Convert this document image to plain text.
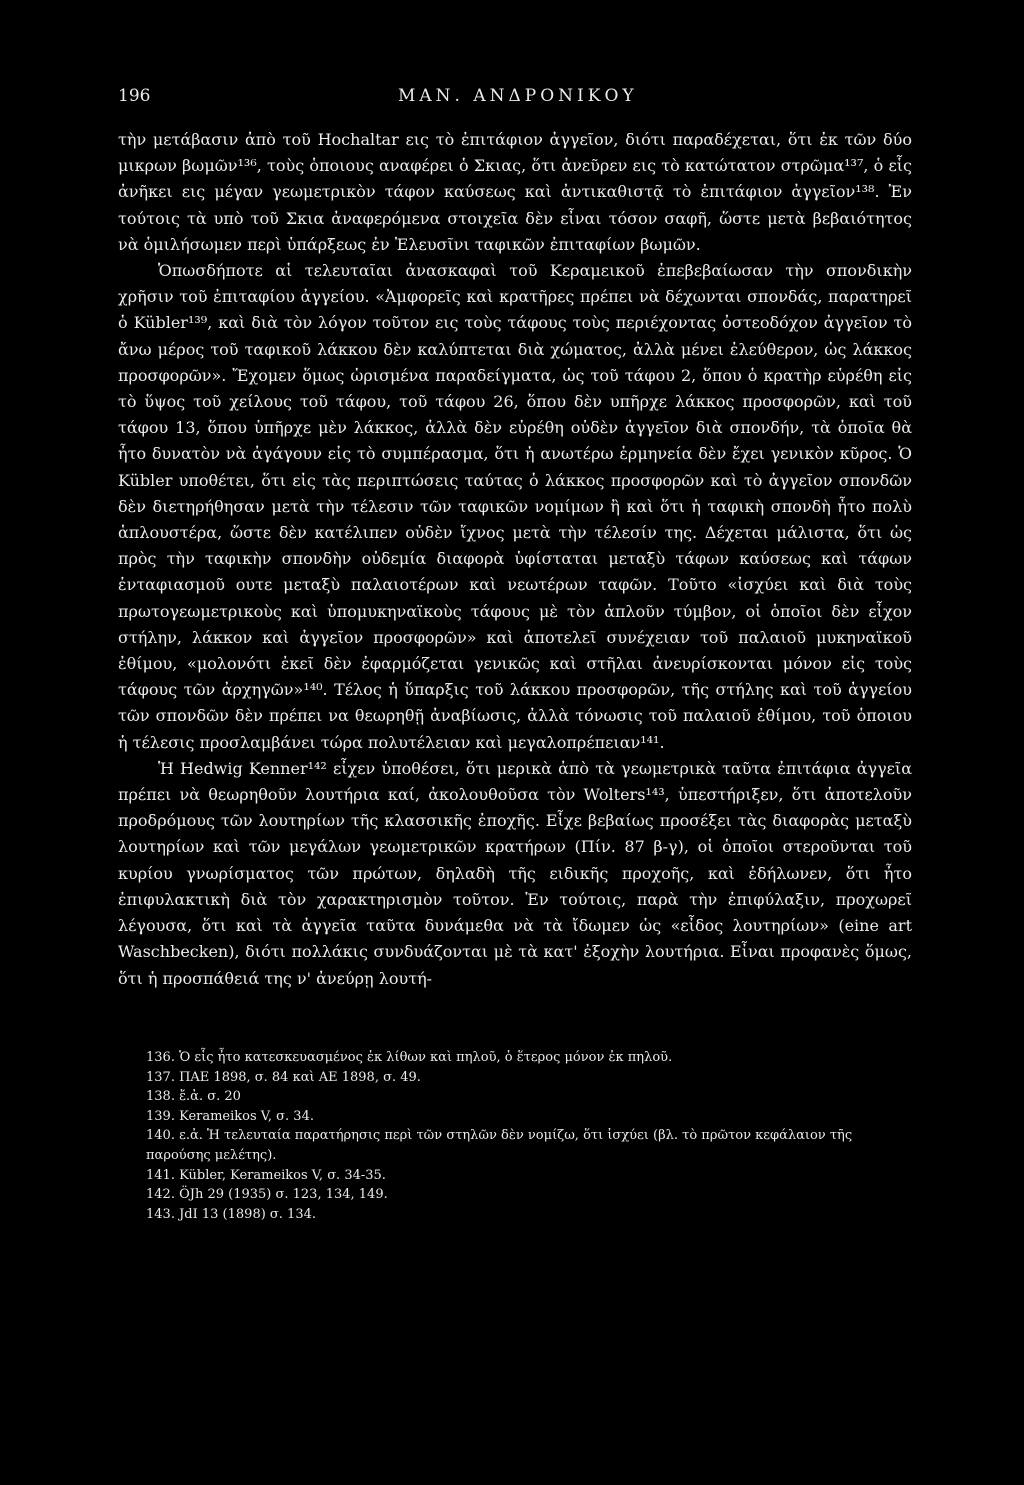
196	ΜΑΝ. ΑΝΔΡΟΝΙΚΟΥ

τὴν μετάβασιν ἀπὸ τοῦ Hochaltar εις τὸ ἐπιτάφιον ἀγγεῖον, διότι παραδέχεται, ὅτι ἐκ τῶν δύο μικρων βωμῶν¹³⁶, τοὺς ὁποιους αναφέρει ὁ Σκιας, ὅτι ἀνεῦρεν εις τὸ κατώτατον στρῶμα¹³⁷, ὁ εἷς ἀνῆκει εις μέγαν γεωμετρικὸν τάφον καύσεως καὶ ἀντικαθιστᾷ τὸ ἐπιτάφιον ἀγγεῖον¹³⁸. Ἐν τούτοις τὰ υπὸ τοῦ Σκια ἀναφερόμενα στοιχεῖα δὲν εἶναι τόσον σαφῆ, ὥστε μετὰ βεβαιότητος νὰ ὁμιλήσωμεν περὶ ὑπάρξεως ἐν Ἐλευσῖνι ταφικῶν ἐπιταφίων βωμῶν.

Ὁπωσδήποτε αἱ τελευταῖαι ἀνασκαφαὶ τοῦ Κεραμεικοῦ ἐπεβεβαίωσαν τὴν σπονδικὴν χρῆσιν τοῦ ἐπιταφίου ἀγγείου. «Ἀμφορεῖς καὶ κρατῆρες πρέπει νὰ δέχωνται σπονδάς, παρατηρεῖ ὁ Kübler¹³⁹, καὶ διὰ τὸν λόγον τοῦτον εις τοὺς τάφους τοὺς περιέχοντας ὀστεοδόχον ἀγγεῖον τὸ ἄνω μέρος τοῦ ταφικοῦ λάκκου δὲν καλύπτεται διὰ χώματος, ἀλλὰ μένει ἐλεύθερον, ὡς λάκκος προσφορῶν». Ἔχομεν ὅμως ὡρισμένα παραδείγματα, ὡς τοῦ τάφου 2, ὅπου ὁ κρατὴρ εὑρέθη εἰς τὸ ὕψος τοῦ χείλους τοῦ τάφου, τοῦ τάφου 26, ὅπου δὲν υπῆρχε λάκκος προσφορῶν, καὶ τοῦ τάφου 13, ὅπου ὑπῆρχε μὲν λάκκος, ἀλλὰ δὲν εὑρέθη οὐδὲν ἀγγεῖον διὰ σπονδήν, τὰ ὁποῖα θὰ ἦτο δυνατὸν νὰ ἀγάγουν εἰς τὸ συμπέρασμα, ὅτι ἡ ανωτέρω ἑρμηνεία δὲν ἔχει γενικὸν κῦρος. Ὁ Kübler υποθέτει, ὅτι εἰς τὰς περιπτώσεις ταύτας ὁ λάκκος προσφορῶν καὶ τὸ ἀγγεῖον σπονδῶν δὲν διετηρήθησαν μετὰ τὴν τέλεσιν τῶν ταφικῶν νομίμων ἢ καὶ ὅτι ἡ ταφικὴ σπονδὴ ἦτο πολὺ ἁπλουστέρα, ὥστε δὲν κατέλιπεν οὐδὲν ἴχνος μετὰ τὴν τέλεσίν της. Δέχεται μάλιστα, ὅτι ὡς πρὸς τὴν ταφικὴν σπονδὴν οὐδεμία διαφορὰ ὑφίσταται μεταξὺ τάφων καύσεως καὶ τάφων ἐνταφιασμοῦ ουτε μεταξὺ παλαιοτέρων καὶ νεωτέρων ταφῶν. Τοῦτο «ἰσχύει καὶ διὰ τοὺς πρωτογεωμετρικοὺς καὶ ὑπομυκηναϊκοὺς τάφους μὲ τὸν ἁπλοῦν τύμβον, οἱ ὁποῖοι δὲν εἶχον στήλην, λάκκον καὶ ἀγγεῖον προσφορῶν» καὶ ἀποτελεῖ συνέχειαν τοῦ παλαιοῦ μυκηναϊκοῦ ἐθίμου, «μολονότι ἐκεῖ δὲν ἐφαρμόζεται γενικῶς καὶ στῆλαι ἀνευρίσκονται μόνον εἰς τοὺς τάφους τῶν ἀρχηγῶν»¹⁴⁰. Τέλος ἡ ὕπαρξις τοῦ λάκκου προσφορῶν, τῆς στήλης καὶ τοῦ ἀγγείου τῶν σπονδῶν δὲν πρέπει να θεωρηθῇ ἀναβίωσις, ἀλλὰ τόνωσις τοῦ παλαιοῦ ἐθίμου, τοῦ ὁποιου ἡ τέλεσις προσλαμβάνει τώρα πολυτέλειαν καὶ μεγαλοπρέπειαν¹⁴¹.

Ἡ Hedwig Kenner¹⁴² εἶχεν ὑποθέσει, ὅτι μερικὰ ἀπὸ τὰ γεωμετρικὰ ταῦτα ἐπιτάφια ἀγγεῖα πρέπει νὰ θεωρηθοῦν λουτήρια καί, ἀκολουθοῦσα τὸν Wolters¹⁴³, ὑπεστήριξεν, ὅτι ἀποτελοῦν προδρόμους τῶν λουτηρίων τῆς κλασσικῆς ἐποχῆς. Εἶχε βεβαίως προσέξει τὰς διαφορὰς μεταξὺ λουτηρίων καὶ τῶν μεγάλων γεωμετρικῶν κρατήρων (Πίν. 87 β-γ), οἱ ὁποῖοι στεροῦνται τοῦ κυρίου γνωρίσματος τῶν πρώτων, δηλαδὴ τῆς ειδικῆς προχοῆς, καὶ ἐδήλωνεν, ὅτι ἦτο ἐπιφυλακτικὴ διὰ τὸν χαρακτηρισμὸν τοῦτον. Ἐν τούτοις, παρὰ τὴν ἐπιφύλαξιν, προχωρεῖ λέγουσα, ὅτι καὶ τὰ ἀγγεῖα ταῦτα δυνάμεθα νὰ τὰ ἴδωμεν ὡς «εἶδος λουτηρίων» (eine art Waschbecken), διότι πολλάκις συνδυάζονται μὲ τὰ κατ' ἐξοχὴν λουτήρια. Εἶναι προφανὲς ὅμως, ὅτι ἡ προσπάθειά της ν' ἀνεύρῃ λουτή-

136. Ὁ εἷς ἦτο κατεσκευασμένος ἐκ λίθων καὶ πηλοῦ, ὁ ἕτερος μόνον ἐκ πηλοῦ.

137. ΠΑΕ 1898, σ. 84 καὶ ΑΕ 1898, σ. 49.

138. ἔ.ἀ. σ. 20

139. Kerameikos V, σ. 34.

140. ε.ἀ. Ἡ τελευταία παρατήρησις περὶ τῶν στηλῶν δὲν νομίζω, ὅτι ἰσχύει (βλ. τὸ πρῶτον κεφάλαιον τῆς παρούσης μελέτης).

141. Kübler, Kerameikos V, σ. 34-35.

142. ÖJh 29 (1935) σ. 123, 134, 149.

143. JdI 13 (1898) σ. 134.
